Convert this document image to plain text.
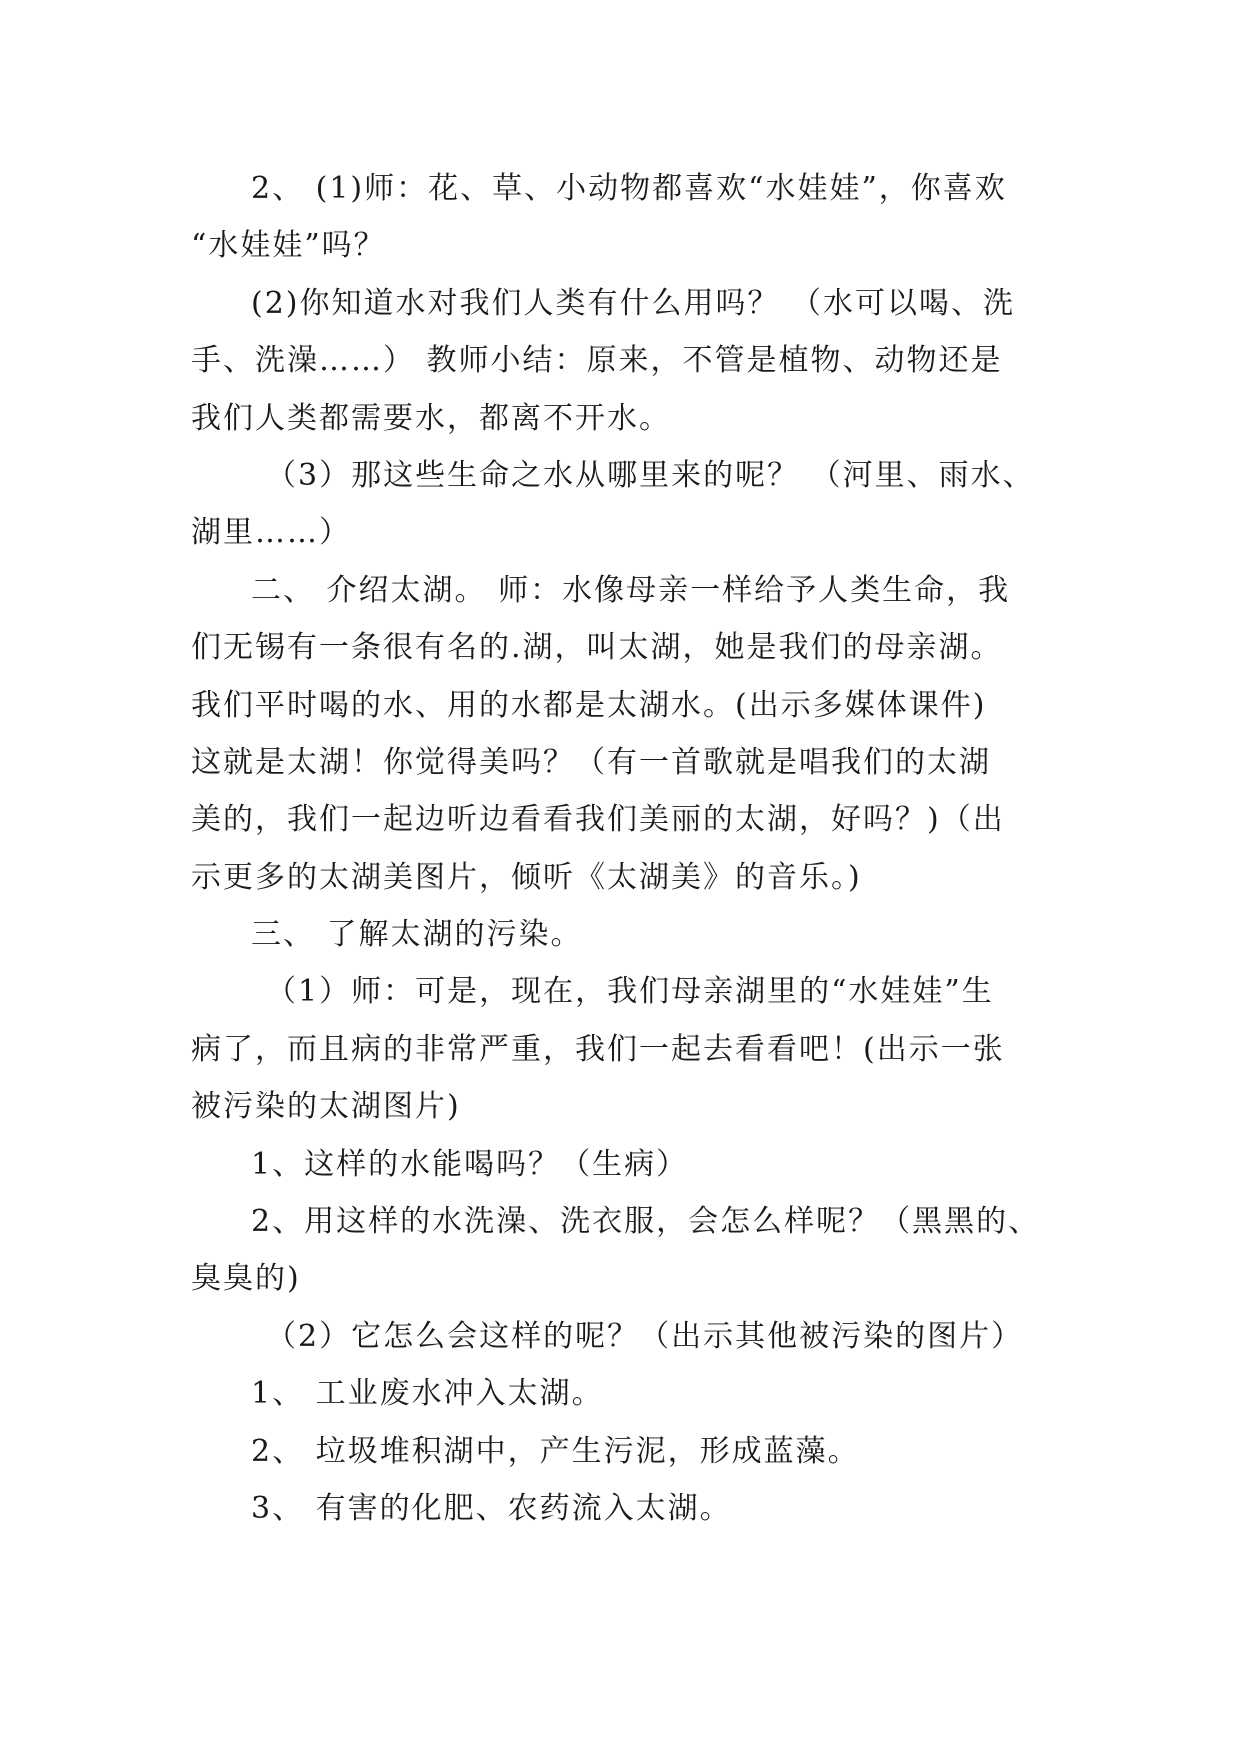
2、 (1)师：花、草、小动物都喜欢“水娃娃”，你喜欢
“水娃娃”吗？
(2)你知道水对我们人类有什么用吗？ （水可以喝、洗
手、洗澡……） 教师小结：原来，不管是植物、动物还是
我们人类都需要水，都离不开水。
（3）那这些生命之水从哪里来的呢？ （河里、雨水、
湖里……）
二、 介绍太湖。 师：水像母亲一样给予人类生命，我
们无锡有一条很有名的.湖，叫太湖，她是我们的母亲湖。
我们平时喝的水、用的水都是太湖水。(出示多媒体课件)
这就是太湖！你觉得美吗？（有一首歌就是唱我们的太湖
美的，我们一起边听边看看我们美丽的太湖，好吗？)（出
示更多的太湖美图片，倾听《太湖美》的音乐。)
三、 了解太湖的污染。
（1）师：可是，现在，我们母亲湖里的“水娃娃”生
病了，而且病的非常严重，我们一起去看看吧！(出示一张
被污染的太湖图片)
1、这样的水能喝吗？（生病）
2、用这样的水洗澡、洗衣服，会怎么样呢？（黑黑的、
臭臭的)
（2）它怎么会这样的呢？（出示其他被污染的图片）
1、 工业废水冲入太湖。
2、 垃圾堆积湖中，产生污泥，形成蓝藻。
3、 有害的化肥、农药流入太湖。
